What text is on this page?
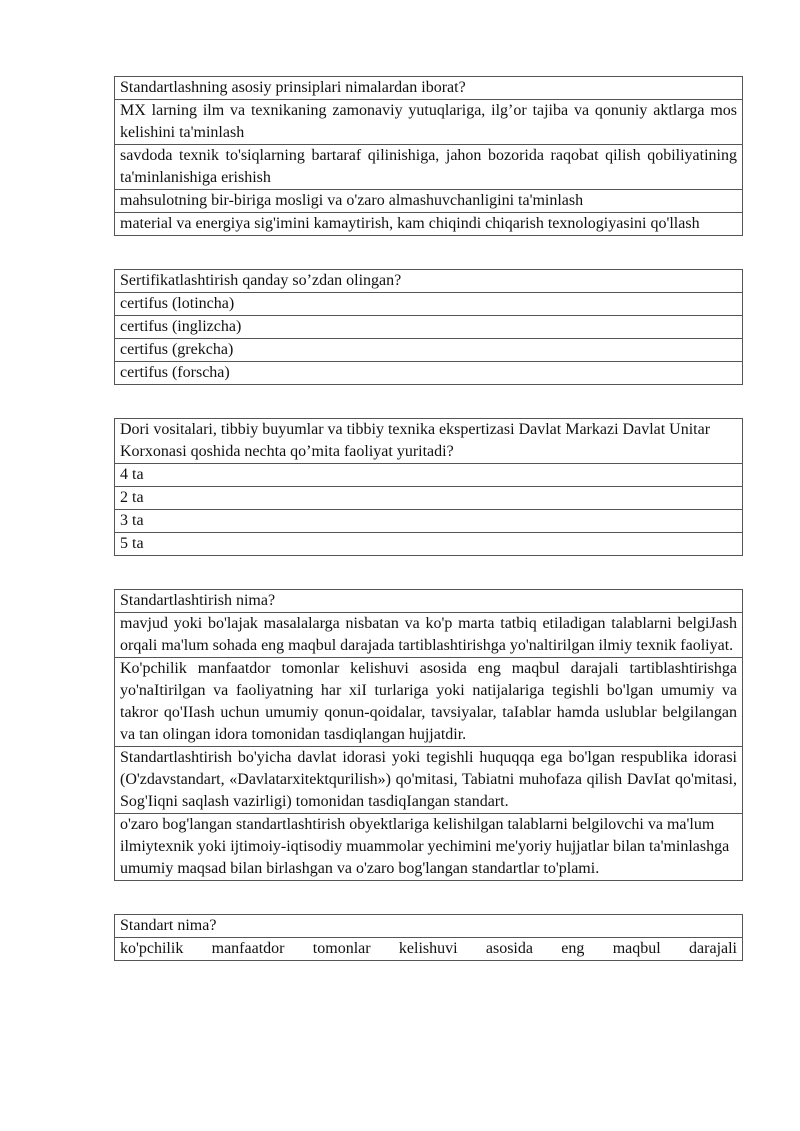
Standartlashning asosiy prinsiplari nimalardan iborat?
MX larning ilm va texnikaning zamonaviy yutuqlariga, ilg’or tajiba va qonuniy aktlarga mos kelishini ta'minlash
savdoda texnik to'siqlarning bartaraf qilinishiga, jahon bozorida raqobat qilish qobiliyatining ta'minlanishiga erishish
mahsulotning bir-biriga mosligi va o'zaro almashuvchanligini ta'minlash
material va energiya sig'imini kamaytirish, kam chiqindi chiqarish texnologiyasini qo'llash
Sertifikatlashtirish qanday so’zdan olingan?
certifus (lotincha)
certifus (inglizcha)
certifus (grekcha)
certifus (forscha)
Dori vositalari, tibbiy buyumlar va tibbiy texnika ekspertizasi Davlat Markazi Davlat Unitar Korxonasi qoshida nechta qo’mita faoliyat yuritadi?
4 ta
2 ta
3 ta
5 ta
Standartlashtirish nima?
mavjud yoki bo'lajak masalalarga nisbatan va ko'p marta tatbiq etiladigan talablarni belgiJash orqali ma'lum sohada eng maqbul darajada tartiblashtirishga yo'naltirilgan ilmiy texnik faoliyat.
Ko'pchilik manfaatdor tomonlar kelishuvi asosida eng maqbul darajali tartiblashtirishga yo'naItirilgan va faoliyatning har xiI turlariga yoki natijalariga tegishli bo'lgan umumiy va takror qo'IIash uchun umumiy qonun-qoidalar, tavsiyalar, taIablar hamda uslublar belgilangan va tan olingan idora tomonidan tasdiqlangan hujjatdir.
Standartlashtirish bo'yicha davlat idorasi yoki tegishli huquqqa ega bo'lgan respublika idorasi (O'zdavstandart, «Davlatarxitektqurilish») qo'mitasi, Tabiatni muhofaza qilish DavIat qo'mitasi, Sog'Iiqni saqlash vazirligi) tomonidan tasdiqIangan standart.
o'zaro bog'langan standartlashtirish obyektlariga kelishilgan talablarni belgilovchi va ma'lum ilmiytexnik yoki ijtimoiy-iqtisodiy muammolar yechimini me'yoriy hujjatlar bilan ta'minlashga umumiy maqsad bilan birlashgan va o'zaro bog'langan standartlar to'plami.
Standart nima?

ko'pchilik manfaatdor tomonlar kelishuvi asosida eng maqbul darajali
